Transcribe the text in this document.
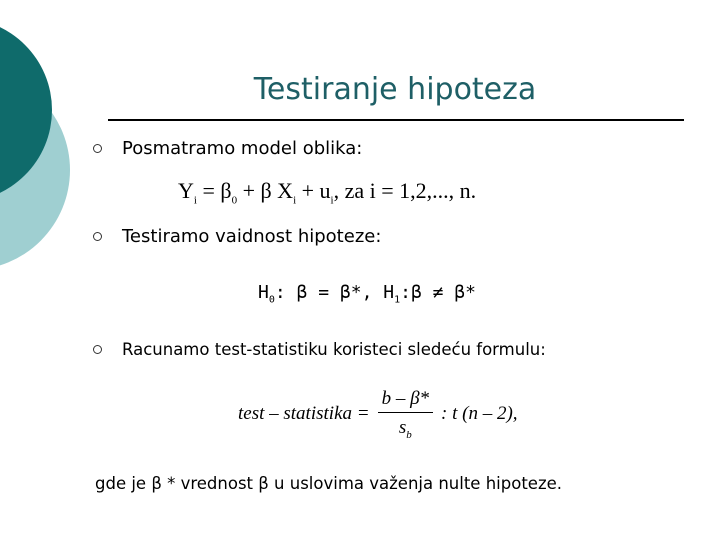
Testiranje hipoteza
Posmatramo model oblika:
$Y_i = \beta_0 + \beta$ $X_i + u_i$, za i = 1,2,..., n.
Testiramo vaidnost hipoteze:
$H_0$: β = β*, $H_1:\beta \ne \beta*$
Racunamo test-statistiku koristeci sledeću formulu:
test – statistika = $\frac{b - \beta*}{s_b}$ : t (n – 2),
gde je β * vrednost β u uslovima važenja nulte hipoteze.
